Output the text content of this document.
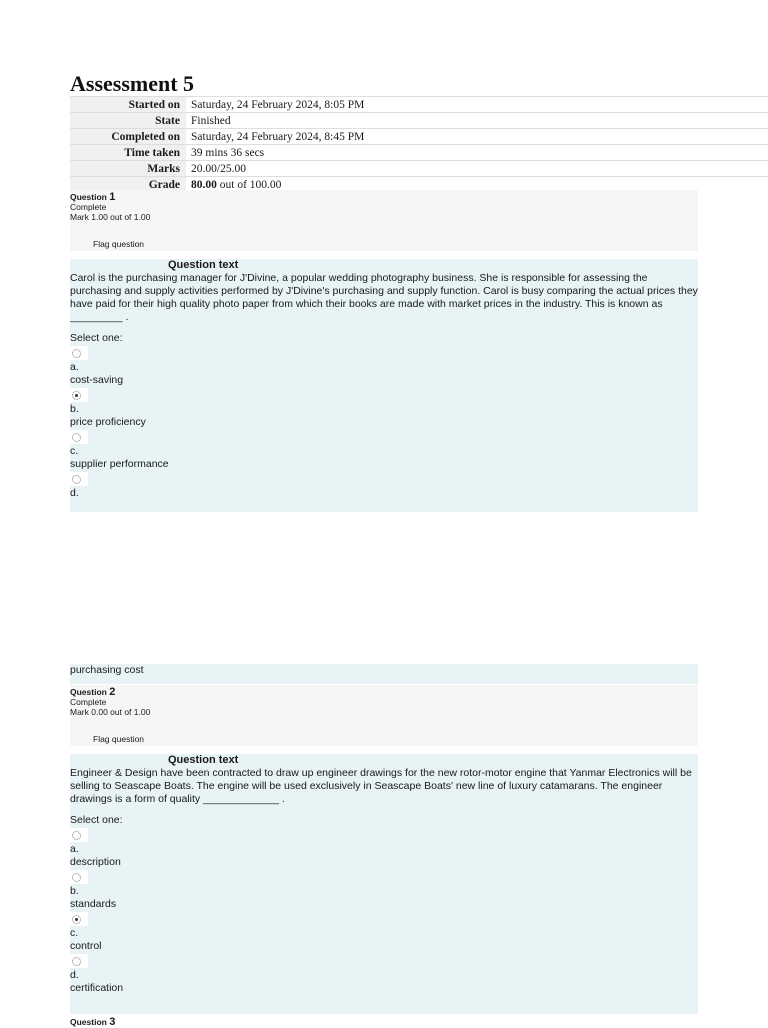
Assessment 5
Started on	Saturday, 24 February 2024, 8:05 PM
State	Finished
Completed on	Saturday, 24 February 2024, 8:45 PM
Time taken	39 mins 36 secs
Marks	20.00/25.00
Grade	80.00 out of 100.00
Question 1
Complete
Mark 1.00 out of 1.00
Flag question
Question text

Carol is the purchasing manager for J'Divine, a popular wedding photography business. She is responsible for assessing the purchasing and supply activities performed by J'Divine's purchasing and supply function. Carol is busy comparing the actual prices they have paid for their high quality photo paper from which their books are made with market prices in the industry. This is known as _________ .

Select one:
a.
cost-saving
b.
price proficiency
c.
supplier performance
d.
purchasing cost
Question 2
Complete
Mark 0.00 out of 1.00
Flag question
Question text

Engineer & Design have been contracted to draw up engineer drawings for the new rotor-motor engine that Yanmar Electronics will be selling to Seascape Boats. The engine will be used exclusively in Seascape Boats' new line of luxury catamarans. The engineer drawings is a form of quality _____________ .

Select one:
a.
description
b.
standards
c.
control
d.
certification
Question 3
